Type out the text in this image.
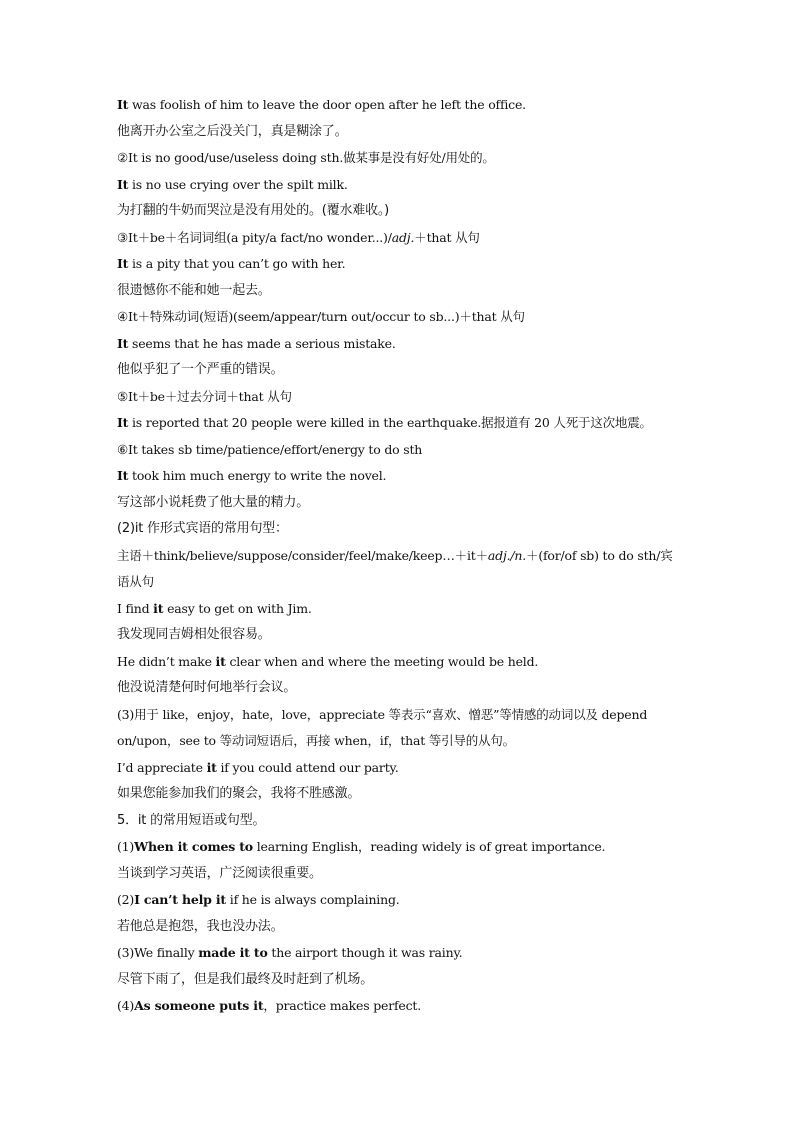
It was foolish of him to leave the door open after he left the office.
他离开办公室之后没关门，真是糊涂了。
②It is no good/use/useless doing sth.做某事是没有好处/用处的。
It is no use crying over the spilt milk.
为打翻的牛奶而哭泣是没有用处的。(覆水难收。)
③It＋be＋名词词组(a pity/a fact/no wonder...)/adj.＋that 从句
It is a pity that you can’t go with her.
很遗憾你不能和她一起去。
④It＋特殊动词(短语)(seem/appear/turn out/occur to sb...)＋that 从句
It seems that he has made a serious mistake.
他似乎犯了一个严重的错误。
⑤It＋be＋过去分词＋that 从句
It is reported that 20 people were killed in the earthquake.据报道有 20 人死于这次地震。
⑥It takes sb time/patience/effort/energy to do sth
It took him much energy to write the novel.
写这部小说耗费了他大量的精力。
(2)it 作形式宾语的常用句型：
主语＋think/believe/suppose/consider/feel/make/keep…＋it＋adj./n.＋(for/of sb) to do sth/宾语从句
I find it easy to get on with Jim.
我发现同吉姆相处很容易。
He didn’t make it clear when and where the meeting would be held.
他没说清楚何时何地举行会议。
(3)用于 like，enjoy，hate，love，appreciate 等表示“喜欢、憎恶”等情感的动词以及 depend on/upon，see to 等动词短语后，再接 when，if，that 等引导的从句。
I’d appreciate it if you could attend our party.
如果您能参加我们的聚会，我将不胜感激。
5．it 的常用短语或句型。
(1)When it comes to learning English，reading widely is of great importance.
当谈到学习英语，广泛阅读很重要。
(2)I can’t help it if he is always complaining.
若他总是抱怨，我也没办法。
(3)We finally made it to the airport though it was rainy.
尽管下雨了，但是我们最终及时赶到了机场。
(4)As someone puts it，practice makes perfect.
